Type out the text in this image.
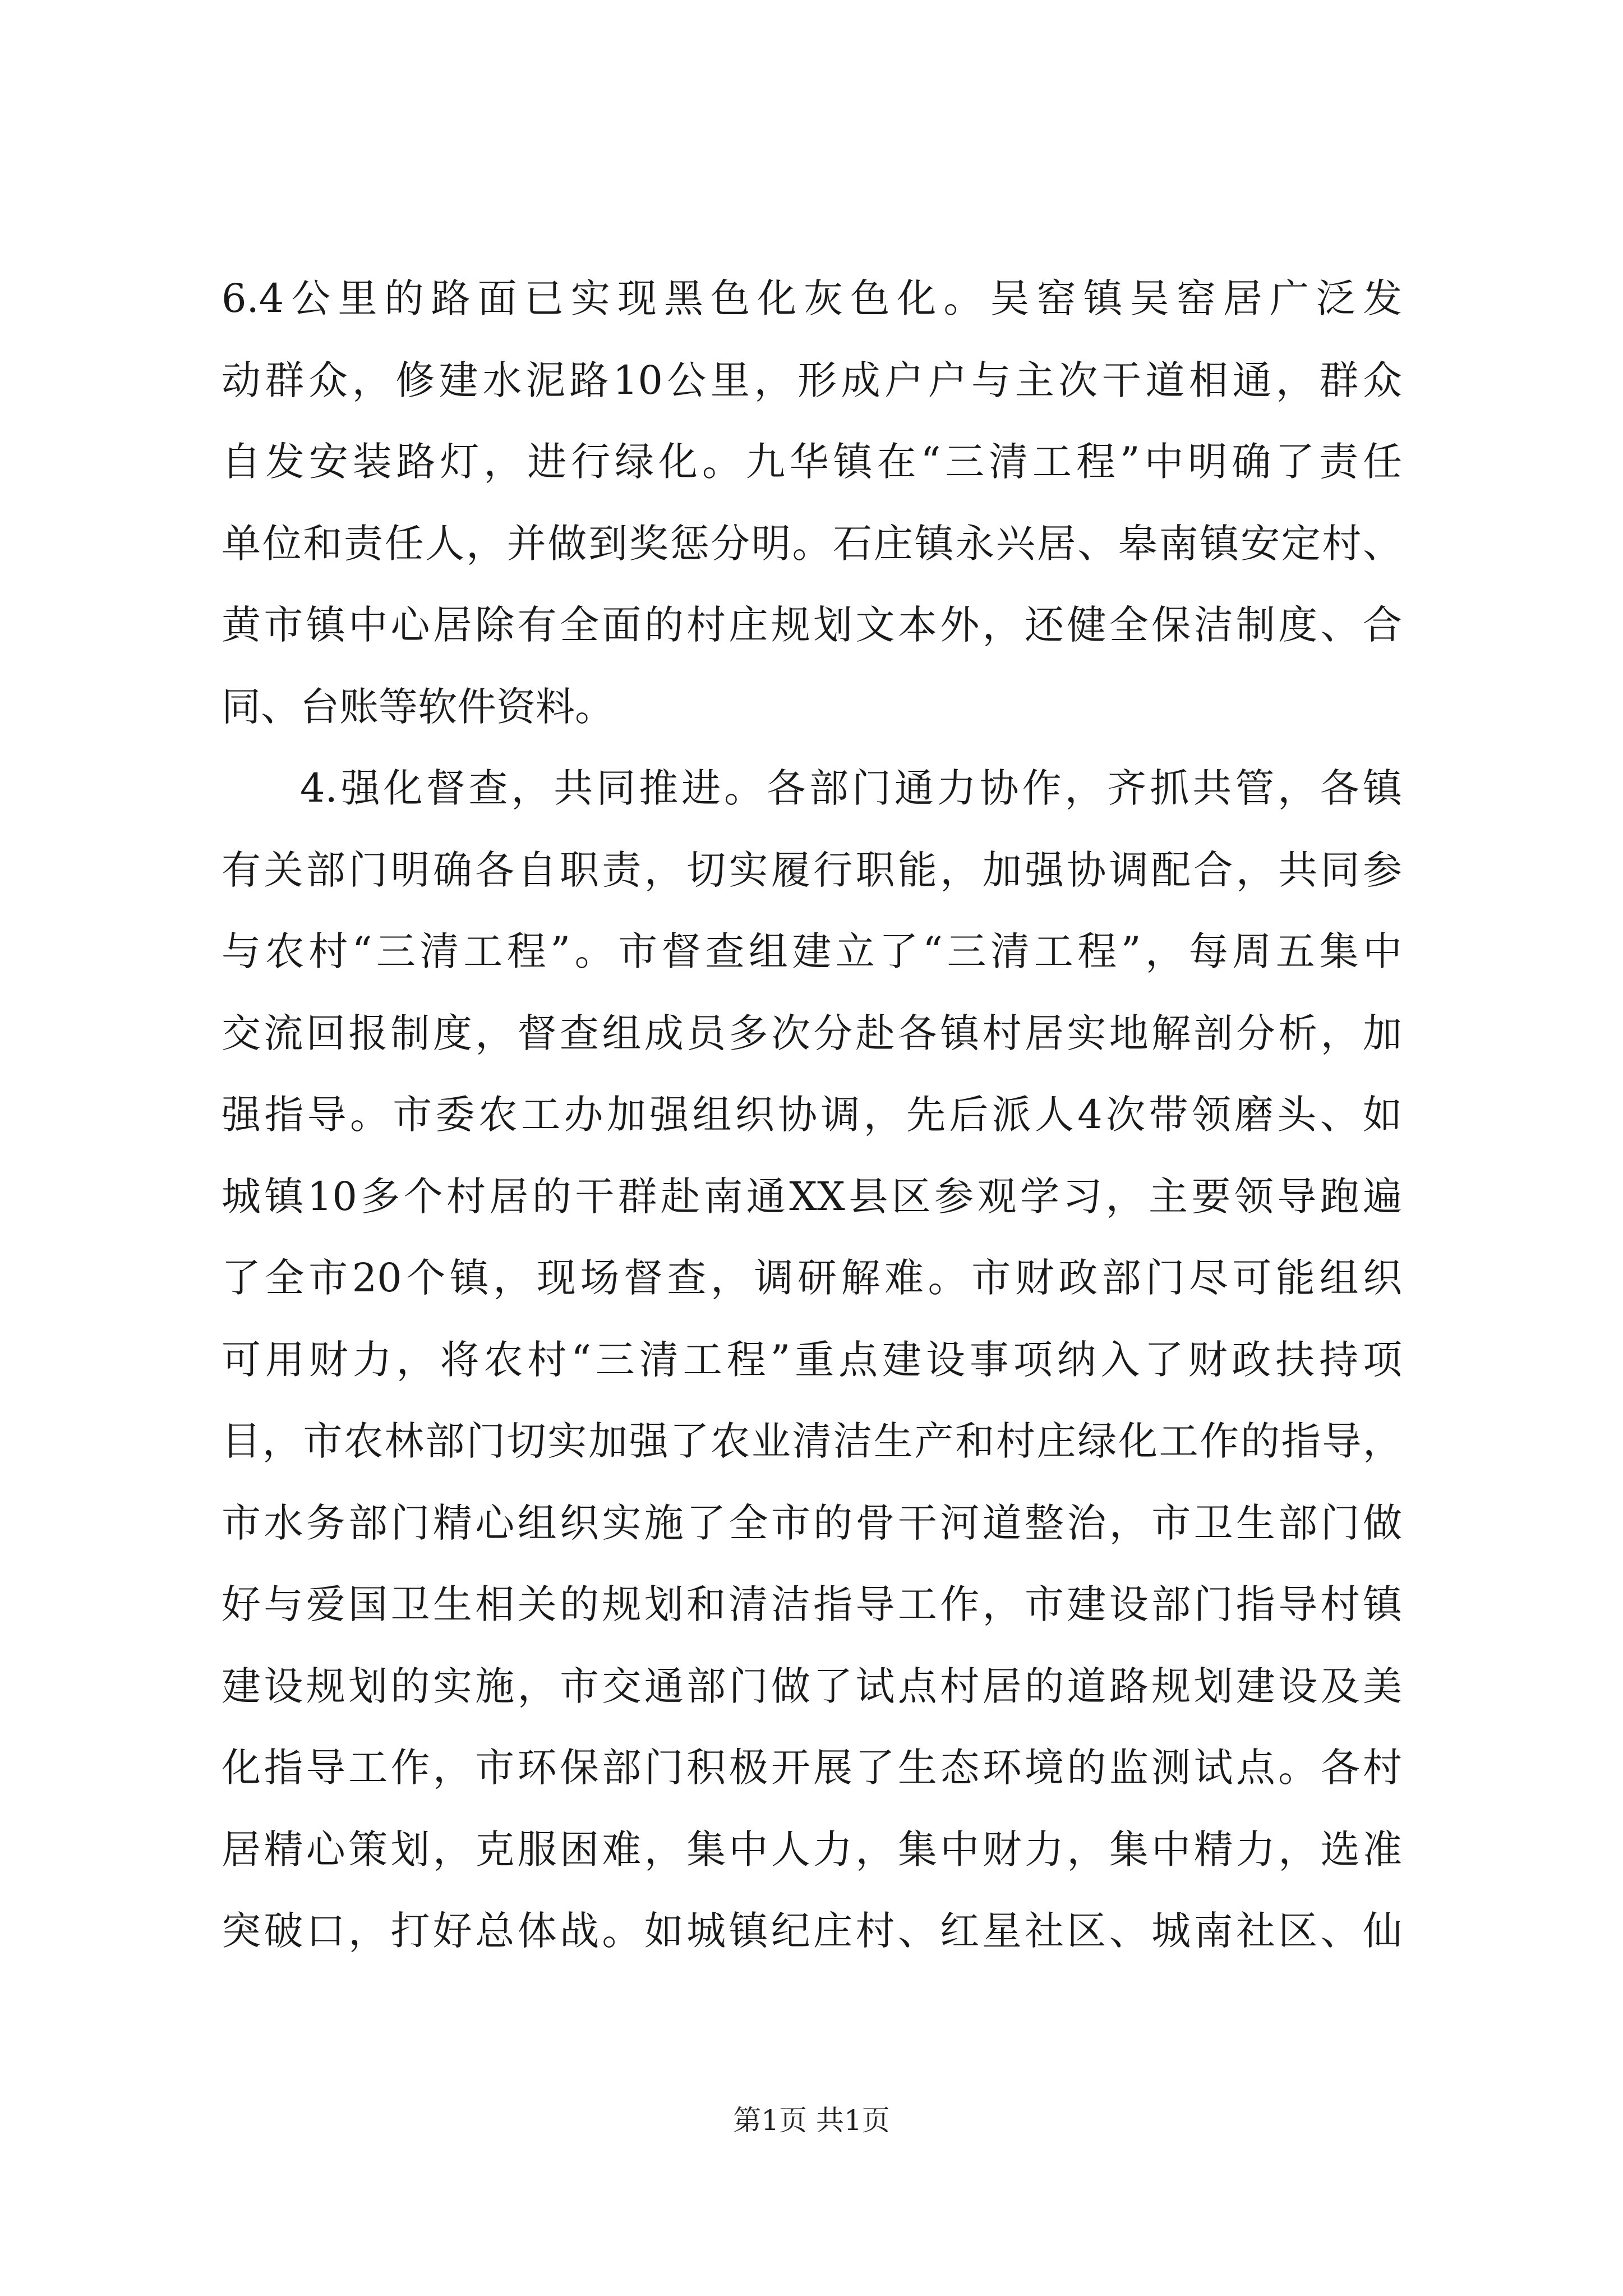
6.4公里的路面已实现黑色化灰色化。吴窑镇吴窑居广泛发
动群众，修建水泥路10公里，形成户户与主次干道相通，群众
自发安装路灯，进行绿化。九华镇在“三清工程”中明确了责任
单位和责任人，并做到奖惩分明。石庄镇永兴居、皋南镇安定村、
黄市镇中心居除有全面的村庄规划文本外，还健全保洁制度、合
同、台账等软件资料。
4.强化督查，共同推进。各部门通力协作，齐抓共管，各镇
有关部门明确各自职责，切实履行职能，加强协调配合，共同参
与农村“三清工程”。市督查组建立了“三清工程”，每周五集中
交流回报制度，督查组成员多次分赴各镇村居实地解剖分析，加
强指导。市委农工办加强组织协调，先后派人4次带领磨头、如
城镇10多个村居的干群赴南通XX县区参观学习，主要领导跑遍
了全市20个镇，现场督查，调研解难。市财政部门尽可能组织
可用财力，将农村“三清工程”重点建设事项纳入了财政扶持项
目，市农林部门切实加强了农业清洁生产和村庄绿化工作的指导，
市水务部门精心组织实施了全市的骨干河道整治，市卫生部门做
好与爱国卫生相关的规划和清洁指导工作，市建设部门指导村镇
建设规划的实施，市交通部门做了试点村居的道路规划建设及美
化指导工作，市环保部门积极开展了生态环境的监测试点。各村
居精心策划，克服困难，集中人力，集中财力，集中精力，选准
突破口，打好总体战。如城镇纪庄村、红星社区、城南社区、仙
第1页 共1页
